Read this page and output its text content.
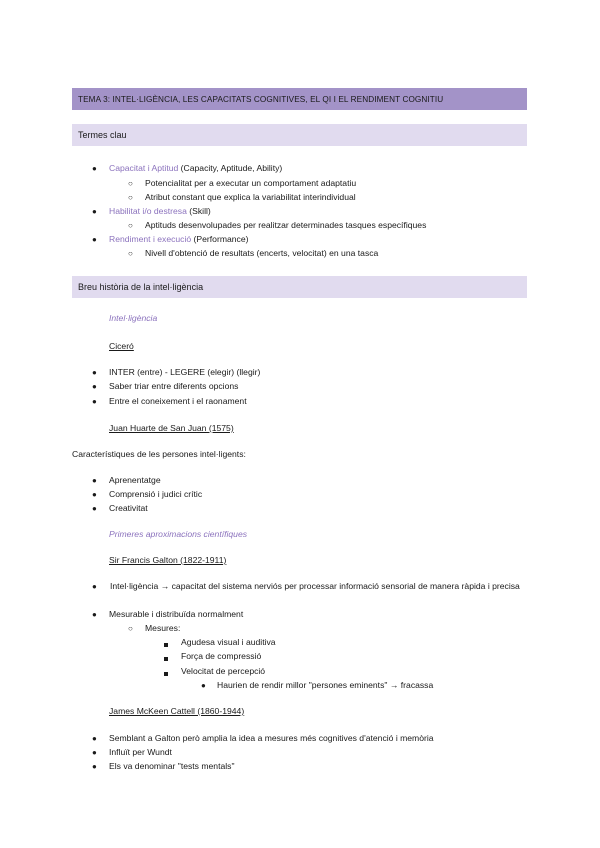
TEMA 3: INTEL·LIGÈNCIA, LES CAPACITATS COGNITIVES, EL QI I EL RENDIMENT COGNITIU
Termes clau
● Capacitat i Aptitud (Capacity, Aptitude, Ability)
○ Potencialitat per a executar un comportament adaptatiu
○ Atribut constant que explica la variabilitat interindividual
● Habilitat i/o destresa (Skill)
○ Aptituds desenvolupades per realitzar determinades tasques específiques
● Rendiment i execució (Performance)
○ Nivell d'obtenció de resultats (encerts, velocitat) en una tasca
Breu història de la intel·ligència
Intel·ligència
Ciceró
● INTER (entre) - LEGERE (elegir) (llegir)
● Saber triar entre diferents opcions
● Entre el coneixement i el raonament
Juan Huarte de San Juan (1575)
Característiques de les persones intel·ligents:
● Aprenentatge
● Comprensió i judici crític
● Creativitat
Primeres aproximacions científiques
Sir Francis Galton (1822-1911)
● Intel·ligència → capacitat del sistema nerviós per processar informació sensorial de manera ràpida i precisa
● Mesurable i distribuïda normalment
○ Mesures:
Agudesa visual i auditiva
Força de compressió
Velocitat de percepció
● Haurien de rendir millor "persones eminents" → fracassa
James McKeen Cattell (1860-1944)
● Semblant a Galton però amplia la idea a mesures més cognitives d'atenció i memòria
● Influït per Wundt
● Els va denominar "tests mentals"
